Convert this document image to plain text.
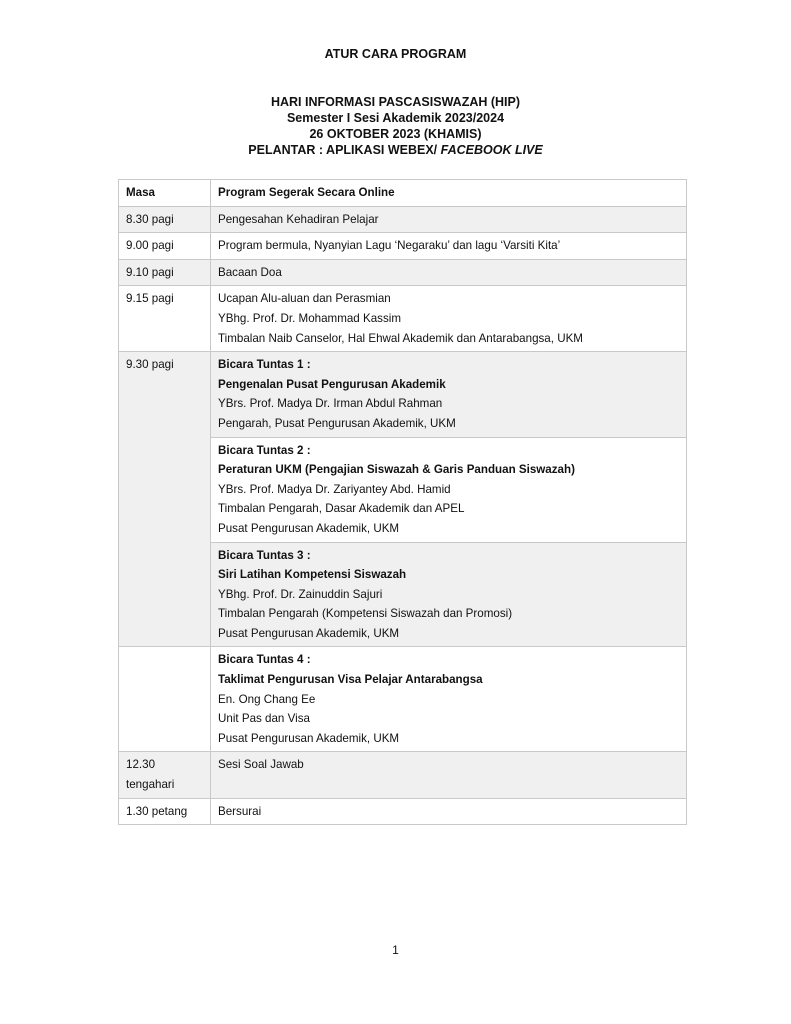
ATUR CARA PROGRAM
HARI INFORMASI PASCASISWAZAH (HIP)
Semester I Sesi Akademik 2023/2024
26 OKTOBER 2023 (KHAMIS)
PELANTAR : APLIKASI WEBEX/ FACEBOOK LIVE
Masa	Program Segerak Secara Online
8.30 pagi	Pengesahan Kehadiran Pelajar
9.00 pagi	Program bermula, Nyanyian Lagu ‘Negaraku’ dan lagu ‘Varsiti Kita’
9.10 pagi	Bacaan Doa
9.15 pagi	Ucapan Alu-aluan dan Perasmian
YBhg. Prof. Dr. Mohammad Kassim
Timbalan Naib Canselor, Hal Ehwal Akademik dan Antarabangsa, UKM

9.30 pagi	Bicara Tuntas 1 :
Pengenalan Pusat Pengurusan Akademik
YBrs. Prof. Madya Dr. Irman Abdul Rahman
Pengarah, Pusat Pengurusan Akademik, UKM

	Bicara Tuntas 2 :
Peraturan UKM (Pengajian Siswazah & Garis Panduan Siswazah)
YBrs. Prof. Madya Dr. Zariyantey Abd. Hamid
Timbalan Pengarah, Dasar Akademik dan APEL
Pusat Pengurusan Akademik, UKM

	Bicara Tuntas 3 :
Siri Latihan Kompetensi Siswazah
YBhg. Prof. Dr. Zainuddin Sajuri
Timbalan Pengarah (Kompetensi Siswazah dan Promosi)
Pusat Pengurusan Akademik, UKM

	Bicara Tuntas 4 :
Taklimat Pengurusan Visa Pelajar Antarabangsa
En. Ong Chang Ee
Unit Pas dan Visa
Pusat Pengurusan Akademik, UKM

12.30
tengahari	Sesi Soal Jawab
1.30 petang	Bersurai
1
